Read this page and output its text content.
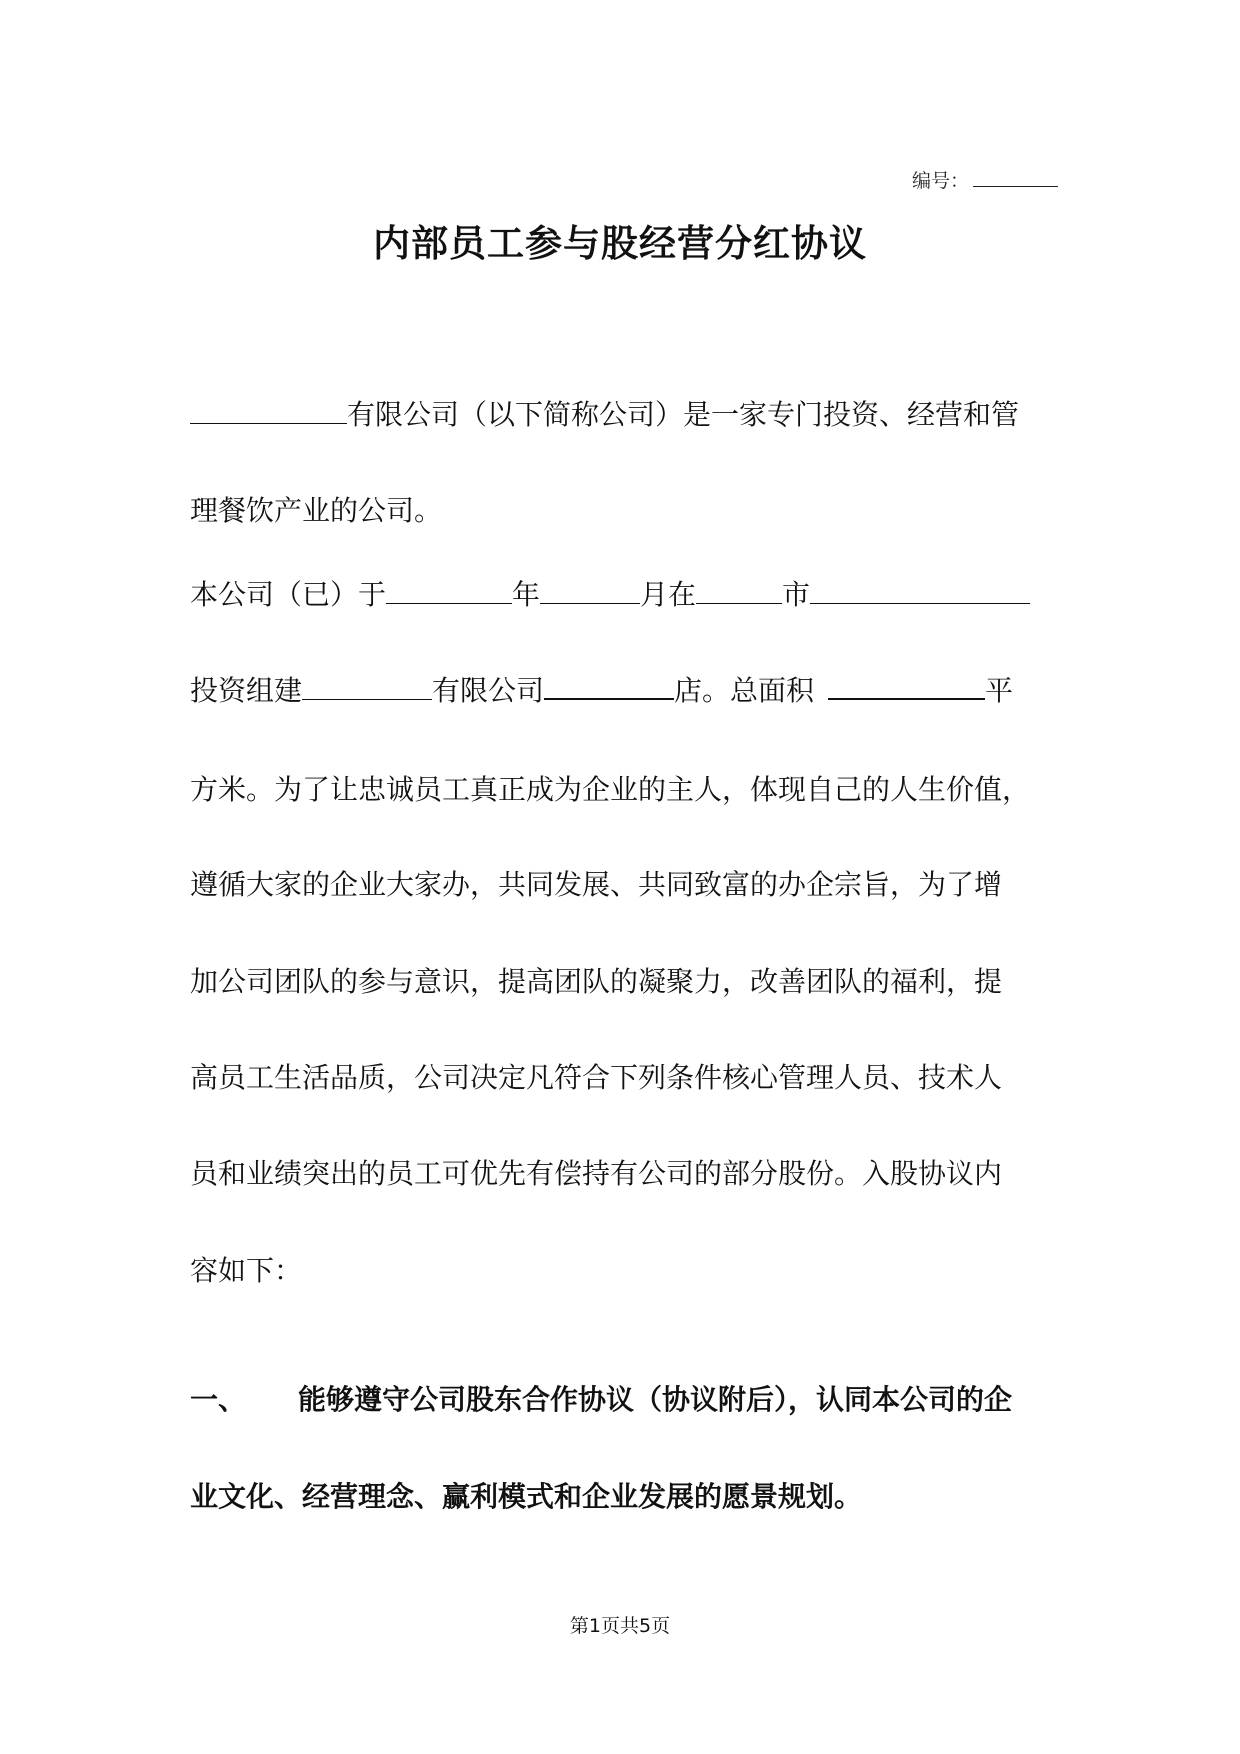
编号：
内部员工参与股经营分红协议
有限公司（以下简称公司）是一家专门投资、经营和管
理餐饮产业的公司。
本公司（已）于	年	月在	市
投资组建	有限公司	店。总面积	平
方米。为了让忠诚员工真正成为企业的主人，体现自己的人生价值，
遵循大家的企业大家办，共同发展、共同致富的办企宗旨，为了增
加公司团队的参与意识，提高团队的凝聚力，改善团队的福利，提
高员工生活品质，公司决定凡符合下列条件核心管理人员、技术人
员和业绩突出的员工可优先有偿持有公司的部分股份。入股协议内
容如下：
一、 能够遵守公司股东合作协议（协议附后），认同本公司的企
业文化、经营理念、赢利模式和企业发展的愿景规划。
第1页共5页
